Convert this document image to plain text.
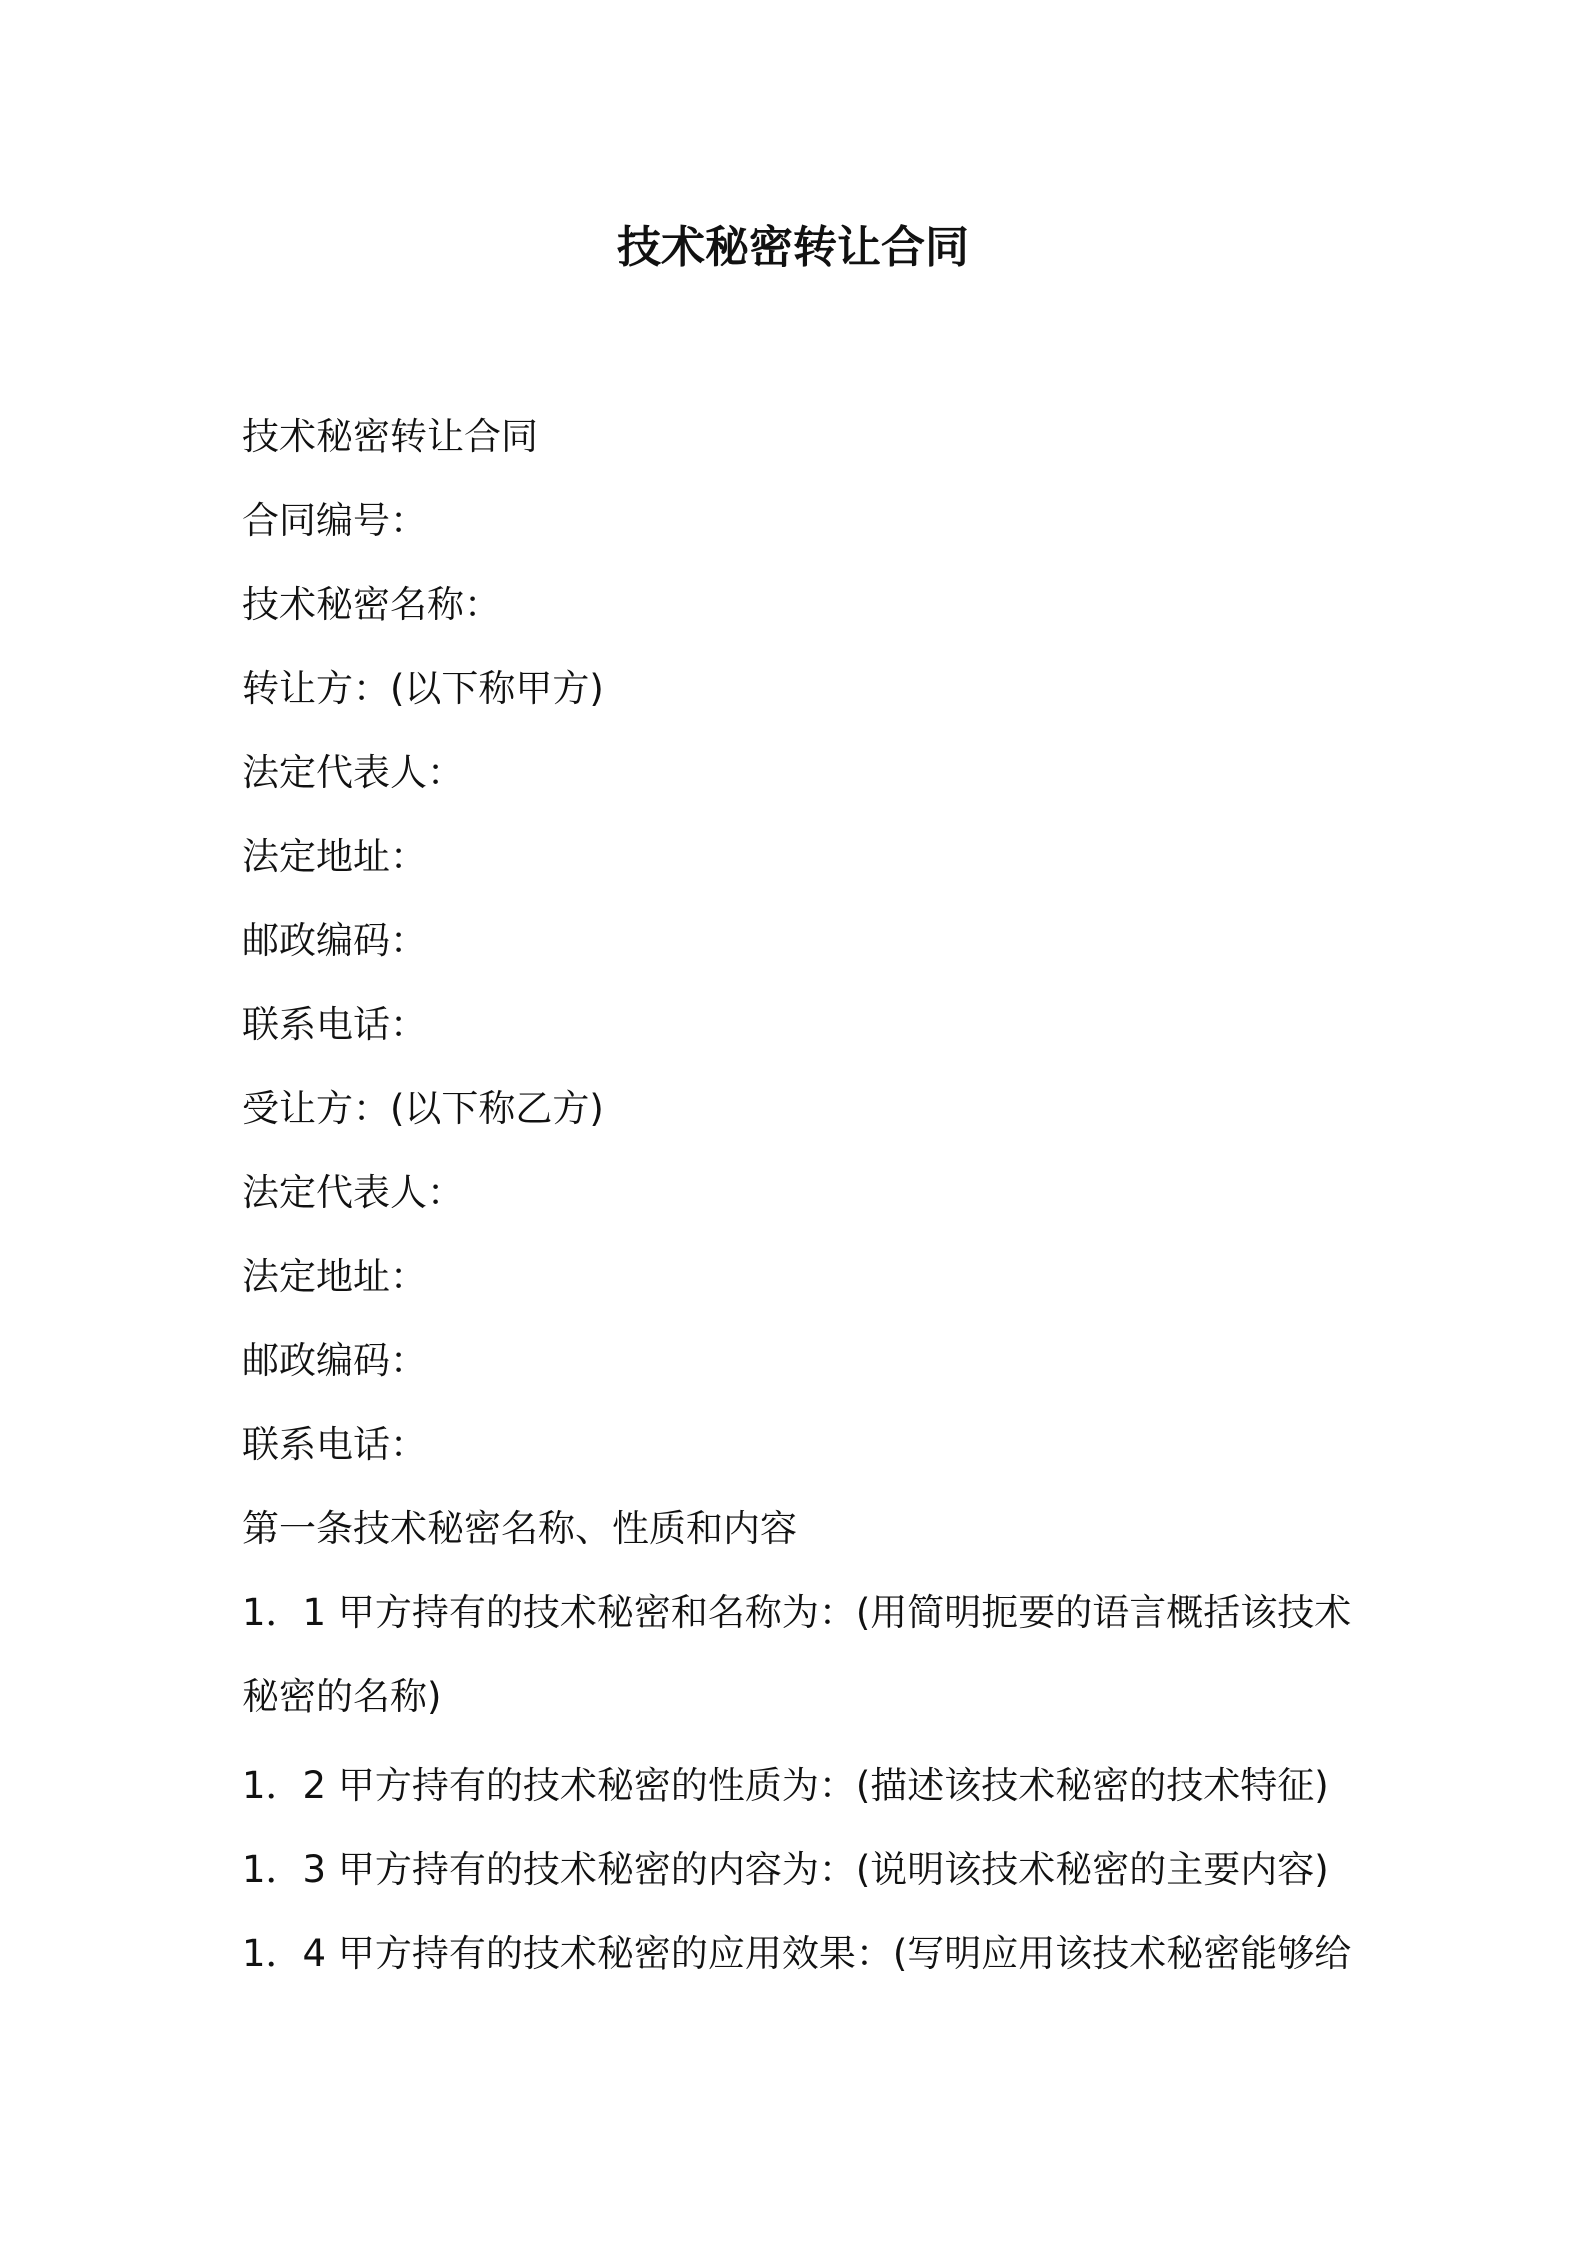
技术秘密转让合同
技术秘密转让合同
合同编号：
技术秘密名称：
转让方：(以下称甲方)
法定代表人：
法定地址：
邮政编码：
联系电话：
受让方：(以下称乙方)
法定代表人：
法定地址：
邮政编码：
联系电话：
第一条技术秘密名称、性质和内容
1．1 甲方持有的技术秘密和名称为：(用简明扼要的语言概括该技术
秘密的名称)
1．2 甲方持有的技术秘密的性质为：(描述该技术秘密的技术特征)
1．3 甲方持有的技术秘密的内容为：(说明该技术秘密的主要内容)
1．4 甲方持有的技术秘密的应用效果：(写明应用该技术秘密能够给
